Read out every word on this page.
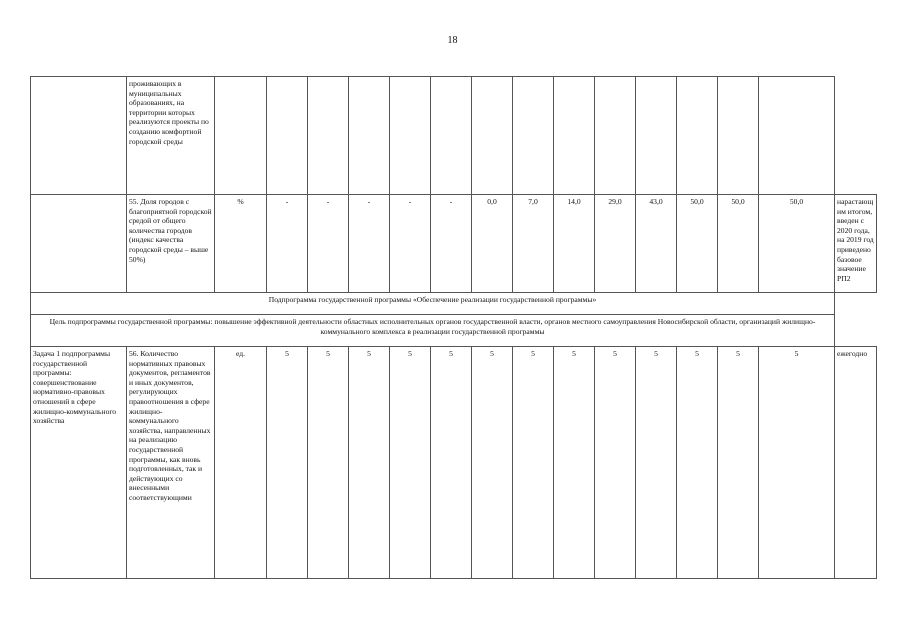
18
	проживающих в муниципальных образованиях, на территории которых реализуются проекты по созданию комфортной городской среды															
	55. Доля городов с благоприятной городской средой от общего количества городов (индекс качества городской среды – выше 50%)	%	-	-	-	-	-	0,0	7,0	14,0	29,0	43,0	50,0	50,0	50,0	нарастающим итогом, введен с 2020 года, на 2019 год приведено базовое значение РП2
Подпрограмма государственной программы «Обеспечение реализации государственной программы»																
Цель подпрограммы государственной программы: повышение эффективной деятельности областных исполнительных органов государственной власти, органов местного самоуправления Новосибирской области, организаций жилищно-коммунального комплекса в реализации государственной программы																
Задача 1 подпрограммы государственной программы: совершенствование нормативно-правовых отношений в сфере жилищно-коммунального хозяйства	56. Количество нормативных правовых документов, регламентов и иных документов, регулирующих правоотношения в сфере жилищно-коммунального хозяйства, направленных на реализацию государственной программы, как вновь подготовленных, так и действующих со внесенными соответствующими	ед.	5	5	5	5	5	5	5	5	5	5	5	5	5	ежегодно
